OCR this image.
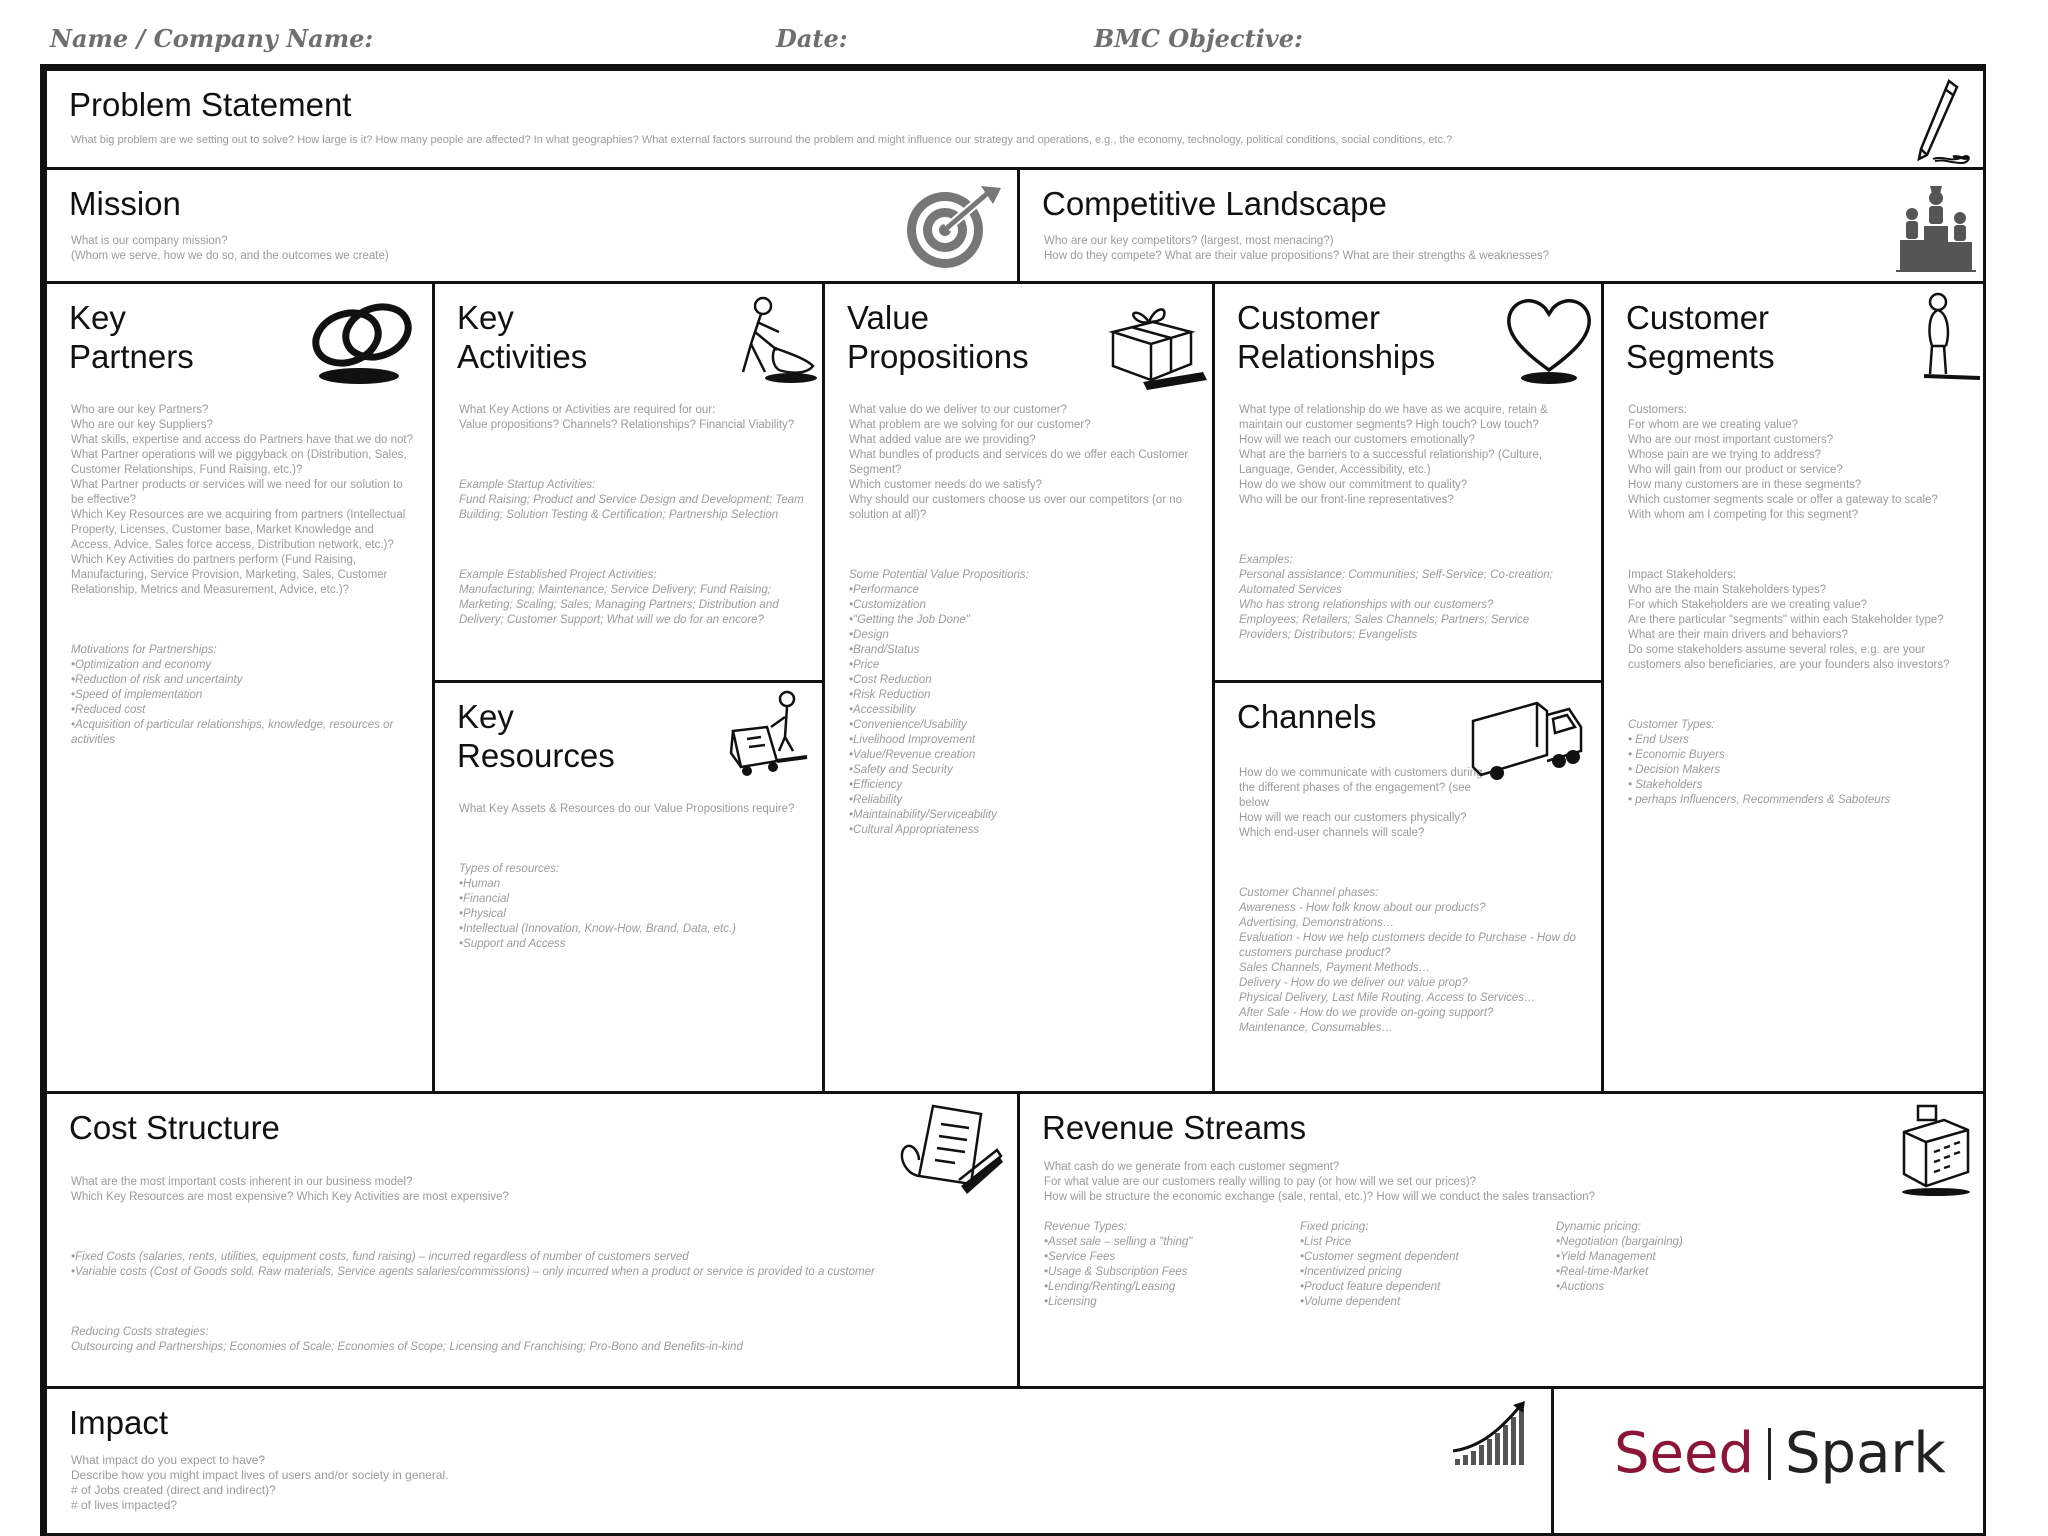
Name / Company Name:	Date:	BMC Objective:
Problem Statement
What big problem are we setting out to solve? How large is it? How many people are affected? In what geographies? What external factors surround the problem and might influence our strategy and operations, e.g., the economy, technology, political conditions, social conditions, etc.?
Mission
What is our company mission?
(Whom we serve, how we do so, and the outcomes we create)
Competitive Landscape
Who are our key competitors? (largest, most menacing?)
How do they compete? What are their value propositions? What are their strengths & weaknesses?
Key
Partners

Who are our key Partners?
Who are our key Suppliers?
What skills, expertise and access do Partners have that we do not?
What Partner operations will we piggyback on (Distribution, Sales, Customer Relationships, Fund Raising, etc.)?
What Partner products or services will we need for our solution to be effective?
Which Key Resources are we acquiring from partners (Intellectual Property, Licenses, Customer base, Market Knowledge and Access, Advice, Sales force access, Distribution network, etc.)?
Which Key Activities do partners perform (Fund Raising, Manufacturing, Service Provision, Marketing, Sales, Customer Relationship, Metrics and Measurement, Advice, etc.)?

Motivations for Partnerships:
•Optimization and economy
•Reduction of risk and uncertainty
•Speed of implementation
•Reduced cost
•Acquisition of particular relationships, knowledge, resources or activities

Key
Activities

What Key Actions or Activities are required for our:
Value propositions? Channels? Relationships? Financial Viability?

Example Startup Activities:
Fund Raising; Product and Service Design and Development; Team Building; Solution Testing & Certification; Partnership Selection

Example Established Project Activities:
Manufacturing; Maintenance; Service Delivery; Fund Raising; Marketing; Scaling; Sales; Managing Partners; Distribution and Delivery; Customer Support; What will we do for an encore?

Key
Resources

What Key Assets & Resources do our Value Propositions require?

Types of resources:
•Human
•Financial
•Physical
•Intellectual (Innovation, Know-How, Brand, Data, etc.)
•Support and Access

Value
Propositions

What value do we deliver to our customer?
What problem are we solving for our customer?
What added value are we providing?
What bundles of products and services do we offer each Customer Segment?
Which customer needs do we satisfy?
Why should our customers choose us over our competitors (or no solution at all)?

Some Potential Value Propositions:
•Performance
•Customization
•"Getting the Job Done"
•Design
•Brand/Status
•Price
•Cost Reduction
•Risk Reduction
•Accessibility
•Convenience/Usability
•Livelihood Improvement
•Value/Revenue creation
•Safety and Security
•Efficiency
•Reliability
•Maintainability/Serviceability
•Cultural Appropriateness

Customer
Relationships

What type of relationship do we have as we acquire, retain & maintain our customer segments? High touch? Low touch?
How will we reach our customers emotionally?
What are the barriers to a successful relationship? (Culture, Language, Gender, Accessibility, etc.)
How do we show our commitment to quality?
Who will be our front-line representatives?

Examples:
Personal assistance; Communities; Self-Service; Co-creation; Automated Services
Who has strong relationships with our customers?
Employees; Retailers; Sales Channels; Partners; Service Providers; Distributors; Evangelists

Channels

How do we communicate with customers during the different phases of the engagement? (see below
How will we reach our customers physically?
Which end-user channels will scale?

Customer Channel phases:
Awareness - How folk know about our products?
Advertising, Demonstrations…
Evaluation - How we help customers decide to Purchase - How do customers purchase product?
Sales Channels, Payment Methods…
Delivery - How do we deliver our value prop?
Physical Delivery, Last Mile Routing, Access to Services…
After Sale - How do we provide on-going support?
Maintenance, Consumables…

Customer
Segments

Customers:
For whom are we creating value?
Who are our most important customers?
Whose pain are we trying to address?
Who will gain from our product or service?
How many customers are in these segments?
Which customer segments scale or offer a gateway to scale?
With whom am I competing for this segment?

Impact Stakeholders:
Who are the main Stakeholders types?
For which Stakeholders are we creating value?
Are there particular "segments" within each Stakeholder type?
What are their main drivers and behaviors?
Do some stakeholders assume several roles, e.g. are your customers also beneficiaries, are your founders also investors?

Customer Types:
• End Users
• Economic Buyers
• Decision Makers
• Stakeholders
• perhaps Influencers, Recommenders & Saboteurs

Cost Structure

What are the most important costs inherent in our business model?
Which Key Resources are most expensive? Which Key Activities are most expensive?

•Fixed Costs (salaries, rents, utilities, equipment costs, fund raising) – incurred regardless of number of customers served
•Variable costs (Cost of Goods sold, Raw materials, Service agents salaries/commissions) – only incurred when a product or service is provided to a customer

Reducing Costs strategies:
Outsourcing and Partnerships; Economies of Scale; Economies of Scope; Licensing and Franchising; Pro-Bono and Benefits-in-kind

Revenue Streams
What cash do we generate from each customer segment?
For what value are our customers really willing to pay (or how will we set our prices)?
How will be structure the economic exchange (sale, rental, etc.)? How will we conduct the sales transaction?
Revenue Types:
•Asset sale – selling a "thing"
•Service Fees
•Usage & Subscription Fees
•Lending/Renting/Leasing
•Licensing
Fixed pricing:
•List Price
•Customer segment dependent
•Incentivized pricing
•Product feature dependent
•Volume dependent
Dynamic pricing:
•Negotiation (bargaining)
•Yield Management
•Real-time-Market
•Auctions
Impact
What impact do you expect to have?
Describe how you might impact lives of users and/or society in general.
# of Jobs created (direct and indirect)?
# of lives impacted?
Seed Spark
